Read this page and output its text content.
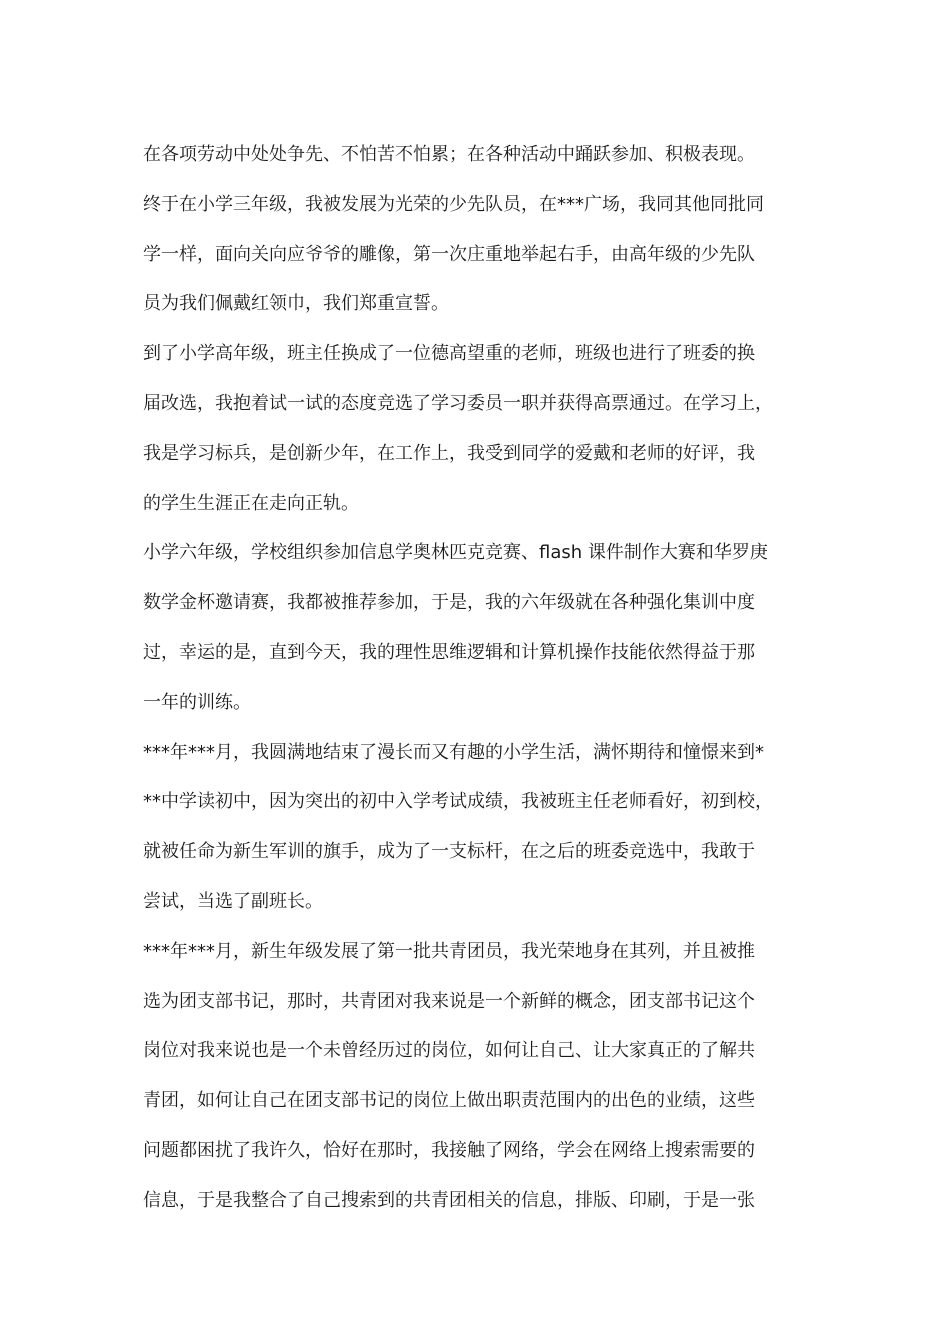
在各项劳动中处处争先、不怕苦不怕累；在各种活动中踊跃参加、积极表现。
终于在小学三年级，我被发展为光荣的少先队员，在***广场，我同其他同批同
学一样，面向关向应爷爷的雕像，第一次庄重地举起右手，由高年级的少先队
员为我们佩戴红领巾，我们郑重宣誓。
到了小学高年级，班主任换成了一位德高望重的老师，班级也进行了班委的换
届改选，我抱着试一试的态度竞选了学习委员一职并获得高票通过。在学习上，
我是学习标兵，是创新少年，在工作上，我受到同学的爱戴和老师的好评，我
的学生生涯正在走向正轨。
小学六年级，学校组织参加信息学奥林匹克竞赛、flash 课件制作大赛和华罗庚
数学金杯邀请赛，我都被推荐参加，于是，我的六年级就在各种强化集训中度
过，幸运的是，直到今天，我的理性思维逻辑和计算机操作技能依然得益于那
一年的训练。
***年***月，我圆满地结束了漫长而又有趣的小学生活，满怀期待和憧憬来到*
**中学读初中，因为突出的初中入学考试成绩，我被班主任老师看好，初到校，
就被任命为新生军训的旗手，成为了一支标杆，在之后的班委竞选中，我敢于
尝试，当选了副班长。
***年***月，新生年级发展了第一批共青团员，我光荣地身在其列，并且被推
选为团支部书记，那时，共青团对我来说是一个新鲜的概念，团支部书记这个
岗位对我来说也是一个未曾经历过的岗位，如何让自己、让大家真正的了解共
青团，如何让自己在团支部书记的岗位上做出职责范围内的出色的业绩，这些
问题都困扰了我许久，恰好在那时，我接触了网络，学会在网络上搜索需要的
信息，于是我整合了自己搜索到的共青团相关的信息，排版、印刷，于是一张
